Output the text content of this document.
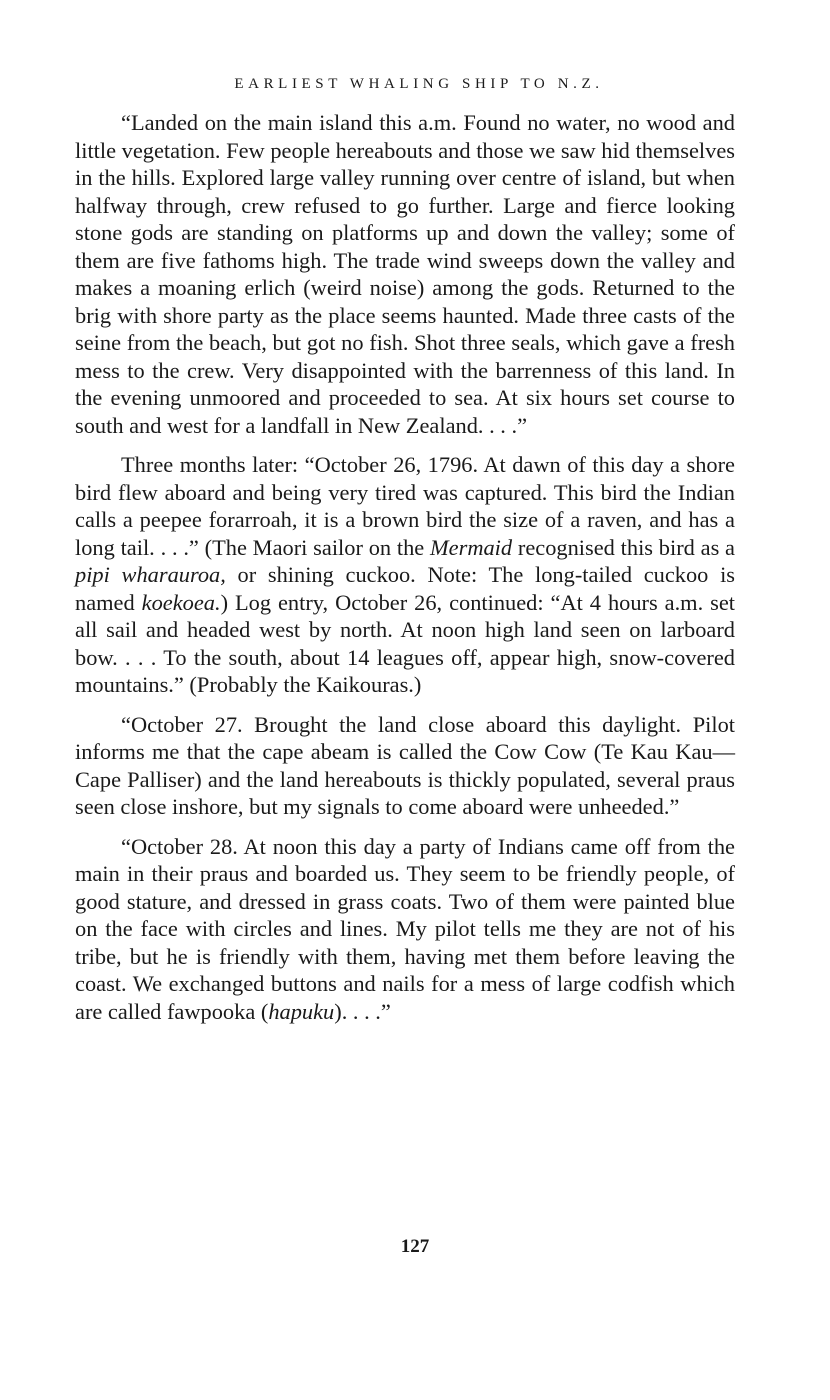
EARLIEST WHALING SHIP TO N.Z.

“Landed on the main island this a.m. Found no water, no wood and little vegetation. Few people hereabouts and those we saw hid themselves in the hills. Explored large valley running over centre of island, but when halfway through, crew refused to go further. Large and fierce looking stone gods are standing on platforms up and down the valley; some of them are five fathoms high. The trade wind sweeps down the valley and makes a moaning erlich (weird noise) among the gods. Returned to the brig with shore party as the place seems haunted. Made three casts of the seine from the beach, but got no fish. Shot three seals, which gave a fresh mess to the crew. Very disappointed with the barrenness of this land. In the evening unmoored and proceeded to sea. At six hours set course to south and west for a landfall in New Zealand. . . .”

Three months later: “October 26, 1796. At dawn of this day a shore bird flew aboard and being very tired was captured. This bird the Indian calls a peepee forarroah, it is a brown bird the size of a raven, and has a long tail. . . .” (The Maori sailor on the Mermaid recognised this bird as a pipi wharauroa, or shining cuckoo. Note: The long-tailed cuckoo is named koekoea.) Log entry, October 26, continued: “At 4 hours a.m. set all sail and headed west by north. At noon high land seen on larboard bow. . . . To the south, about 14 leagues off, appear high, snow-covered mountains.” (Probably the Kaikouras.)

“October 27. Brought the land close aboard this daylight. Pilot informs me that the cape abeam is called the Cow Cow (Te Kau Kau—Cape Palliser) and the land hereabouts is thickly populated, several praus seen close inshore, but my signals to come aboard were unheeded.”

“October 28. At noon this day a party of Indians came off from the main in their praus and boarded us. They seem to be friendly people, of good stature, and dressed in grass coats. Two of them were painted blue on the face with circles and lines. My pilot tells me they are not of his tribe, but he is friendly with them, having met them before leaving the coast. We exchanged buttons and nails for a mess of large codfish which are called fawpooka (hapuku). . . .”

127
